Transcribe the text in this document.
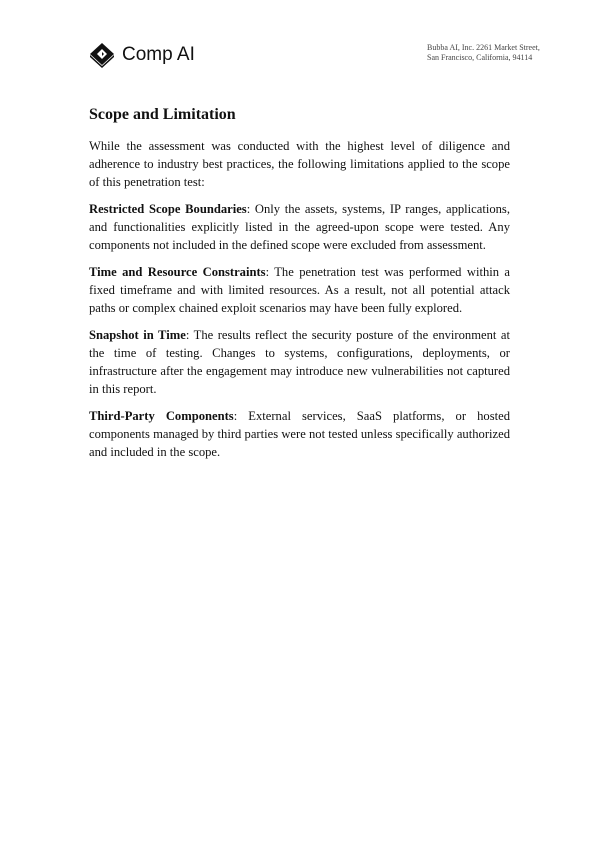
Comp AI	Bubba AI, Inc. 2261 Market Street,
San Francisco, California, 94114
Scope and Limitation

While the assessment was conducted with the highest level of diligence and adherence to industry best practices, the following limitations applied to the scope of this penetration test:

Restricted Scope Boundaries: Only the assets, systems, IP ranges, applications, and functionalities explicitly listed in the agreed-upon scope were tested. Any components not included in the defined scope were excluded from assessment.

Time and Resource Constraints: The penetration test was performed within a fixed timeframe and with limited resources. As a result, not all potential attack paths or complex chained exploit scenarios may have been fully explored.

Snapshot in Time: The results reflect the security posture of the environment at the time of testing. Changes to systems, configurations, deployments, or infrastructure after the engagement may introduce new vulnerabilities not captured in this report.

Third-Party Components: External services, SaaS platforms, or hosted components managed by third parties were not tested unless specifically authorized and included in the scope.
